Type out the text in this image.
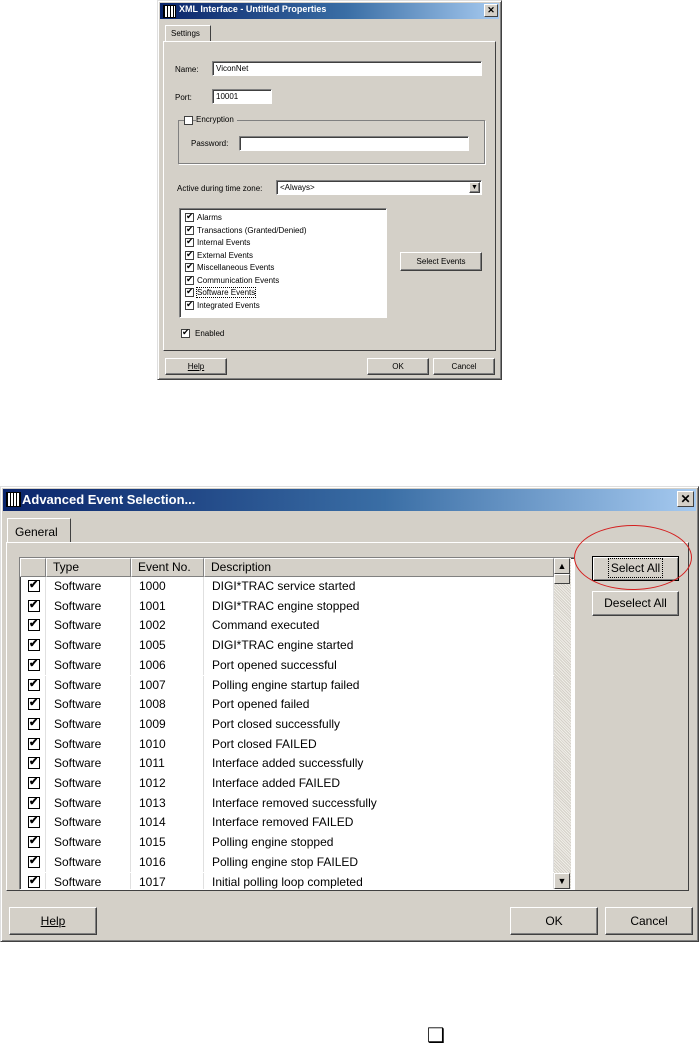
XML Interface - Untitled Properties	✕
Settings
Name: ViconNet
Port:	10001
Encryption
Password:
Active during time zone: <Always>	▼
✔Alarms
✔Transactions (Granted/Denied)
✔Internal Events
✔External Events
✔Miscellaneous Events
✔Communication Events
✔Software Events
✔Integrated Events
Select Events
✔
Enabled
Help	OK	Cancel
Advanced Event Selection...	✕
General
Type	Event No.	Description
✔
Software	1000	DIGI*TRAC service started
✔
Software	1001	DIGI*TRAC engine stopped
✔
Software	1002	Command executed
✔
Software	1005	DIGI*TRAC engine started
✔
Software	1006	Port opened successful
✔
Software	1007	Polling engine startup failed
✔
Software	1008	Port opened failed
✔
Software	1009	Port closed successfully
✔
Software	1010	Port closed FAILED
✔
Software	1011	Interface added successfully
✔
Software	1012	Interface added FAILED
✔
Software	1013	Interface removed successfully
✔
Software	1014	Interface removed FAILED
✔
Software	1015	Polling engine stopped
✔
Software	1016	Polling engine stop FAILED
✔
Software	1017	Initial polling loop completed
▲
▼
Select All
Deselect All
Help	OK	Cancel
❑
